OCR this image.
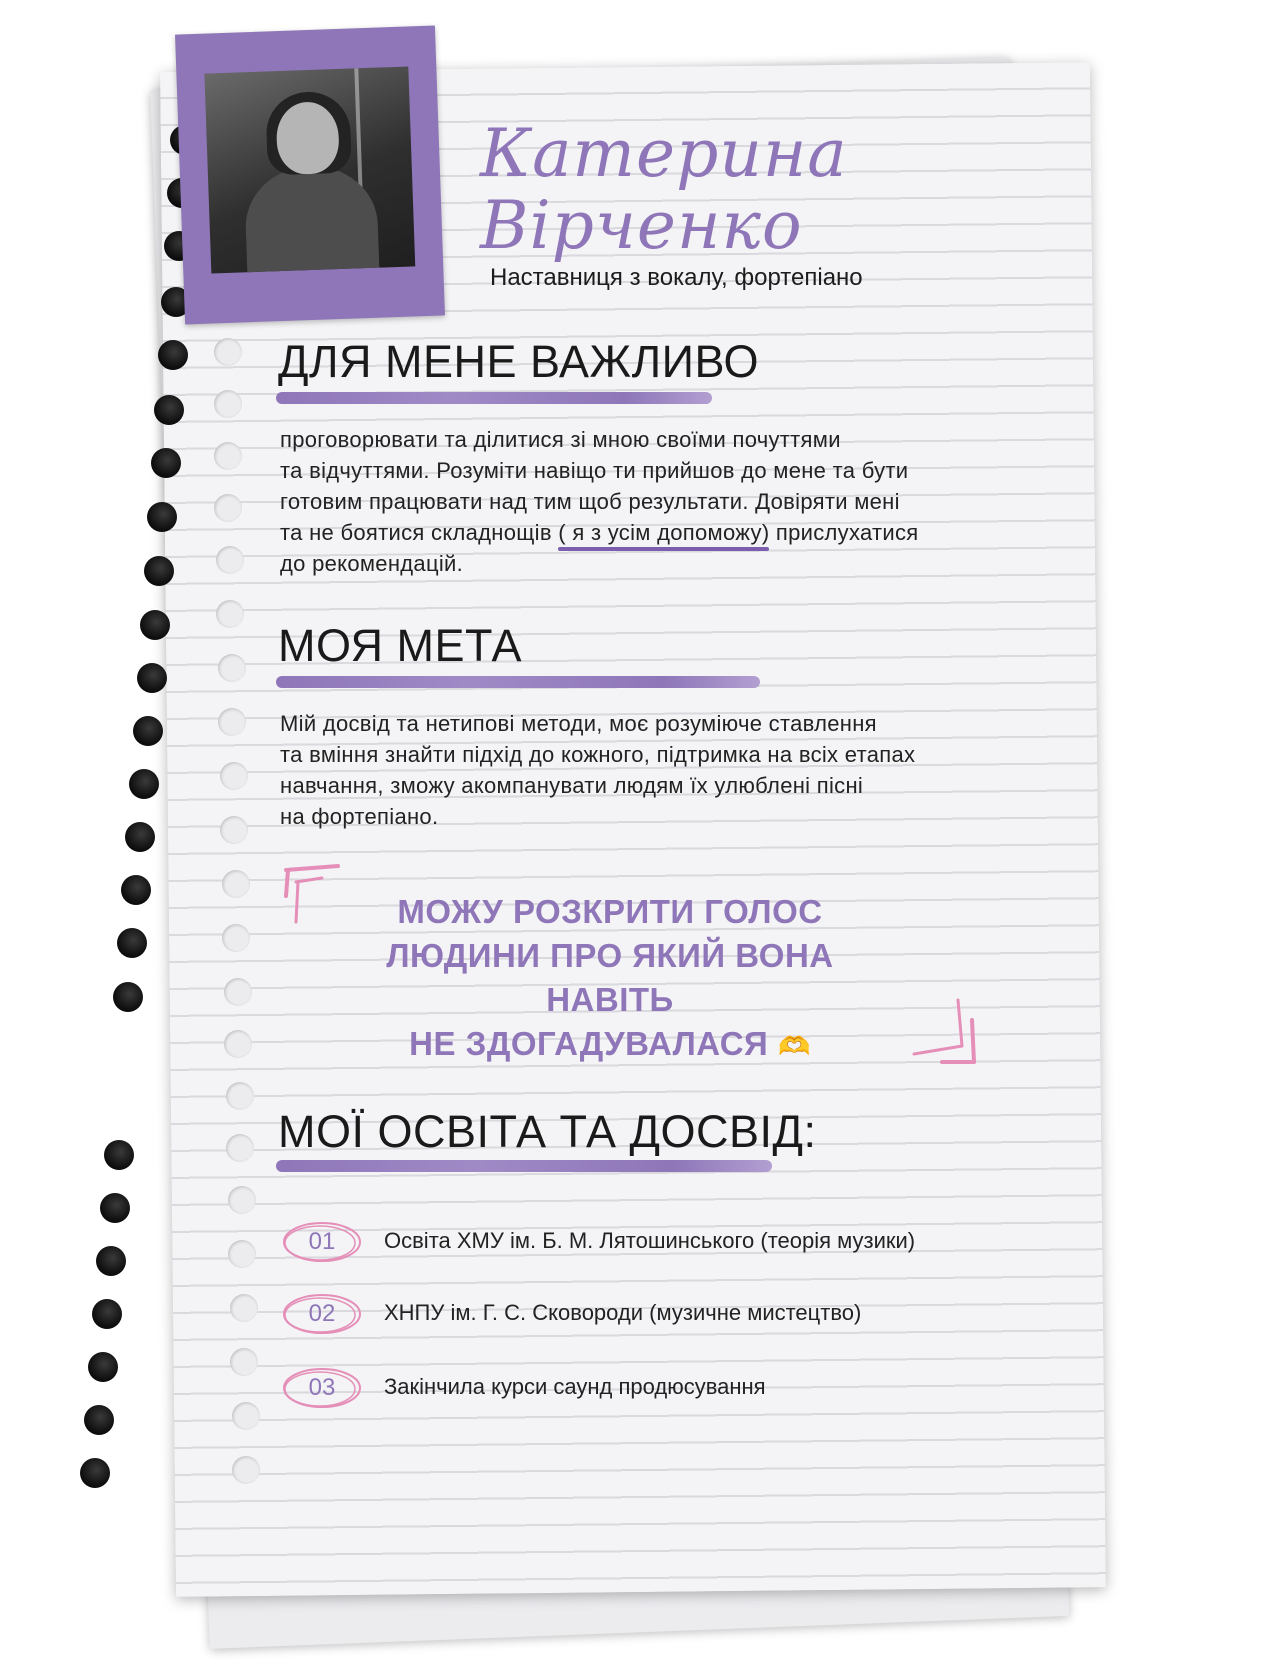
Катерина
Вірченко
Наставниця з вокалу, фортепіано
ДЛЯ МЕНЕ ВАЖЛИВО
проговорювати та ділитися зі мною своїми почуттями
та відчуттями. Розуміти навіщо ти прийшов до мене та бути
готовим працювати над тим щоб результати. Довіряти мені
та не боятися складнощів ( я з усім допоможу) прислухатися
до рекомендацій.
МОЯ МЕТА
Мій досвід та нетипові методи, моє розуміюче ставлення
та вміння знайти підхід до кожного, підтримка на всіх етапах
навчання, зможу акомпанувати людям їх улюблені пісні
на фортепіано.
МОЖУ РОЗКРИТИ ГОЛОС
ЛЮДИНИ ПРО ЯКИЙ ВОНА НАВІТЬ
НЕ ЗДОГАДУВАЛАСЯ 🫶
МОЇ ОСВІТА ТА ДОСВІД:
01	Освіта ХМУ ім. Б. М. Лятошинського (теорія музики)
02	ХНПУ ім. Г. С. Сковороди (музичне мистецтво)
03	Закінчила курси саунд продюсування
